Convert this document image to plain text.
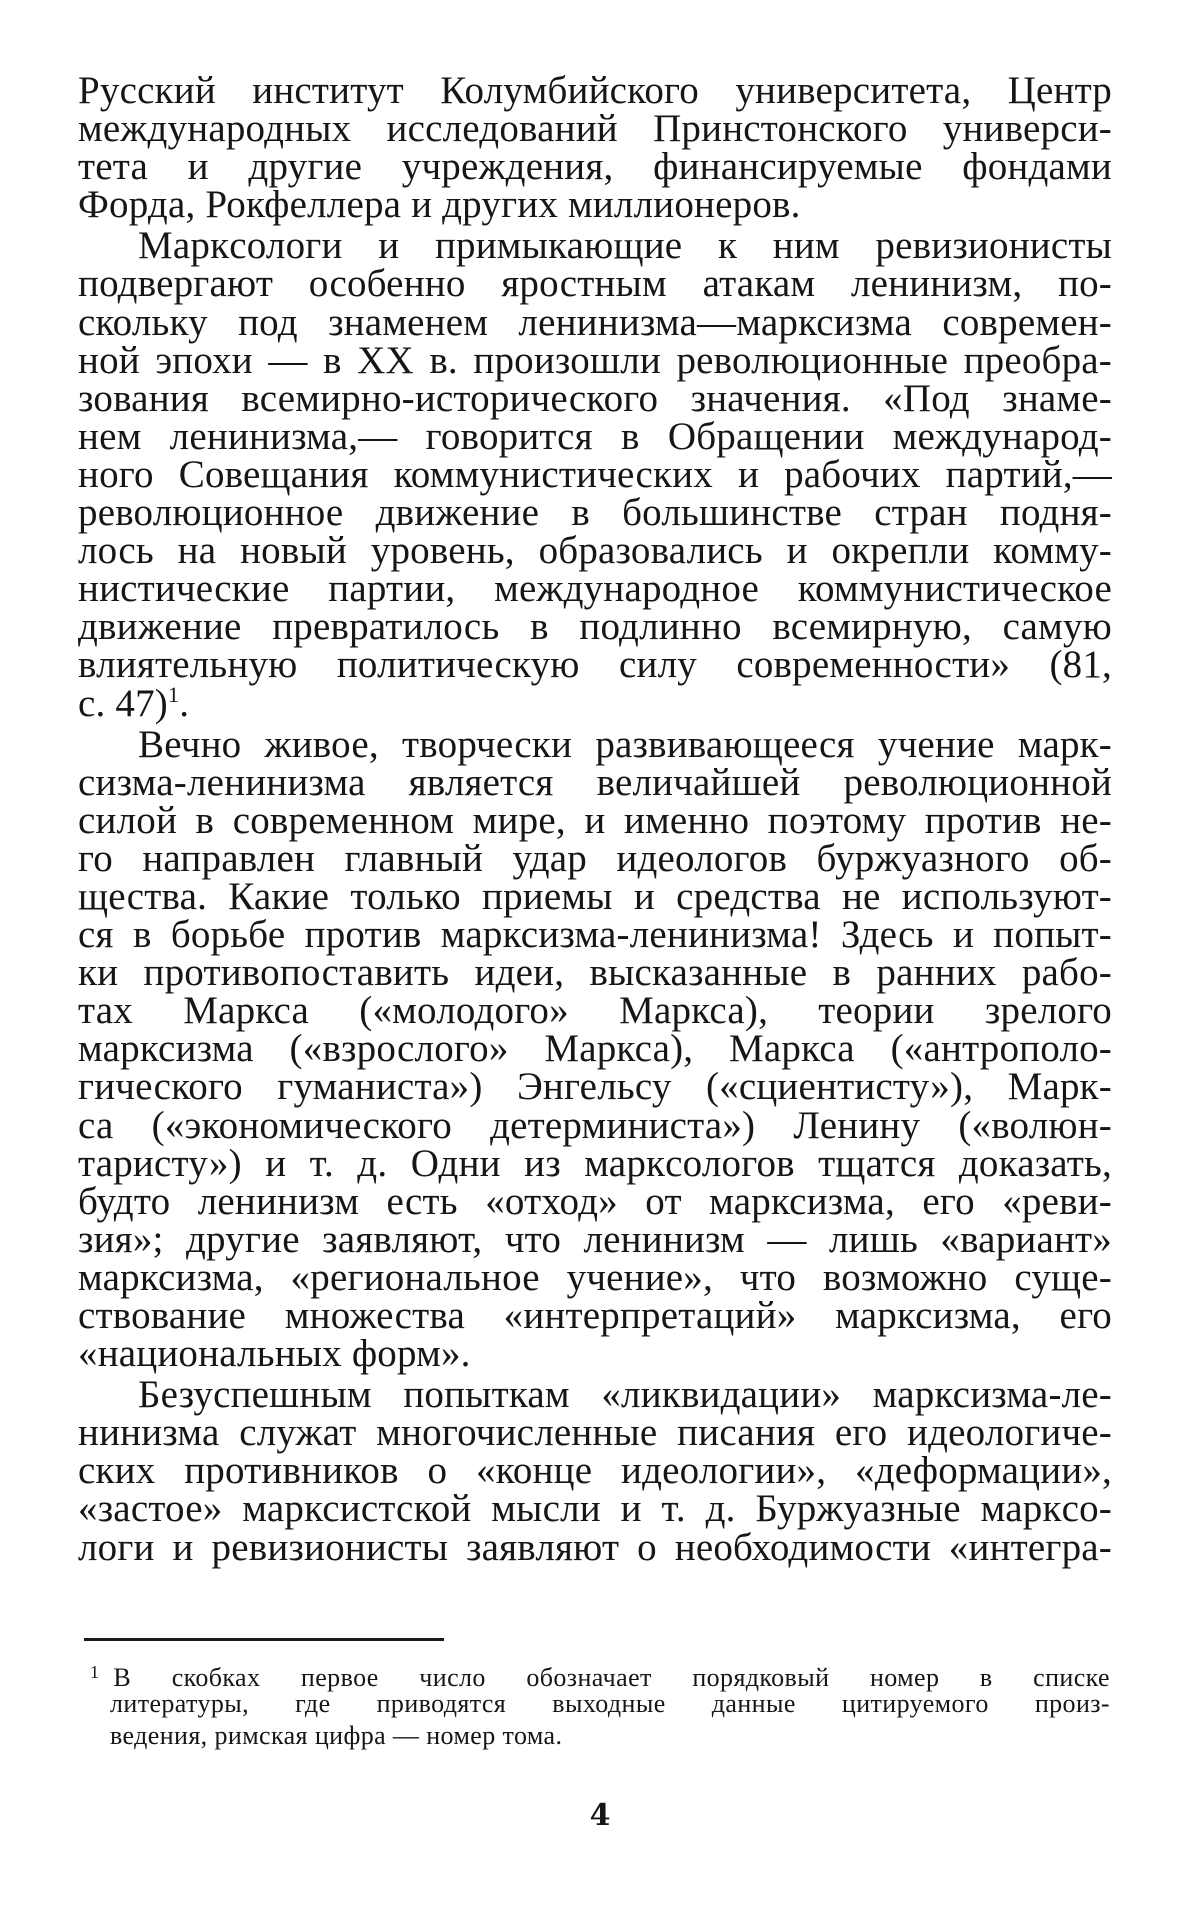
Русский институт Колумбийского университета, Центр
международных исследований Принстонского универси-
тета и другие учреждения, финансируемые фондами
Форда, Рокфеллера и других миллионеров.
Маркcологи и примыкающие к ним ревизионисты
подвергают особенно яростным атакам ленинизм, по-
скольку под знаменем ленинизма—марксизма современ-
ной эпохи — в XX в. произошли революционные преобра-
зования всемирно-исторического значения. «Под знаме-
нем ленинизма,— говорится в Обращении международ-
ного Совещания коммунистических и рабочих партий,—
революционное движение в большинстве стран подня-
лось на новый уровень, образовались и окрепли комму-
нистические партии, международное коммунистическое
движение превратилось в подлинно всемирную, самую
влиятельную политическую силу современности» (81,
с. 47)$^1$.
Вечно живое, творчески развивающееся учение марк-
сизма-ленинизма является величайшей революционной
силой в современном мире, и именно поэтому против не-
го направлен главный удар идеологов буржуазного об-
щества. Какие только приемы и средства не используют-
ся в борьбе против марксизма-ленинизма! Здесь и попыт-
ки противопоставить идеи, высказанные в ранних рабо-
тах Маркса («молодого» Маркса), теории зрелого
марксизма («взрослого» Маркса), Маркса («антрополо-
гического гуманиста») Энгельсу («сциентисту»), Марк-
са («экономического детерминиста») Ленину («волюн-
таристу») и т. д. Одни из маркcологов тщатся доказать,
будто ленинизм есть «отход» от марксизма, его «реви-
зия»; другие заявляют, что ленинизм — лишь «вариант»
марксизма, «региональное учение», что возможно суще-
ствование множества «интерпретаций» марксизма, его
«национальных форм».
Безуспешным попыткам «ликвидации» марксизма-ле-
нинизма служат многочисленные писания его идеологиче-
ских противников о «конце идеологии», «деформации»,
«застое» марксистской мысли и т. д. Буржуазные маркcо-
логи и ревизионисты заявляют о необходимости «интегра-
$^1$ В скобках первое число обозначает порядковый номер в списке
литературы, где приводятся выходные данные цитируемого произ-
ведения, римская цифра — номер тома.
4
